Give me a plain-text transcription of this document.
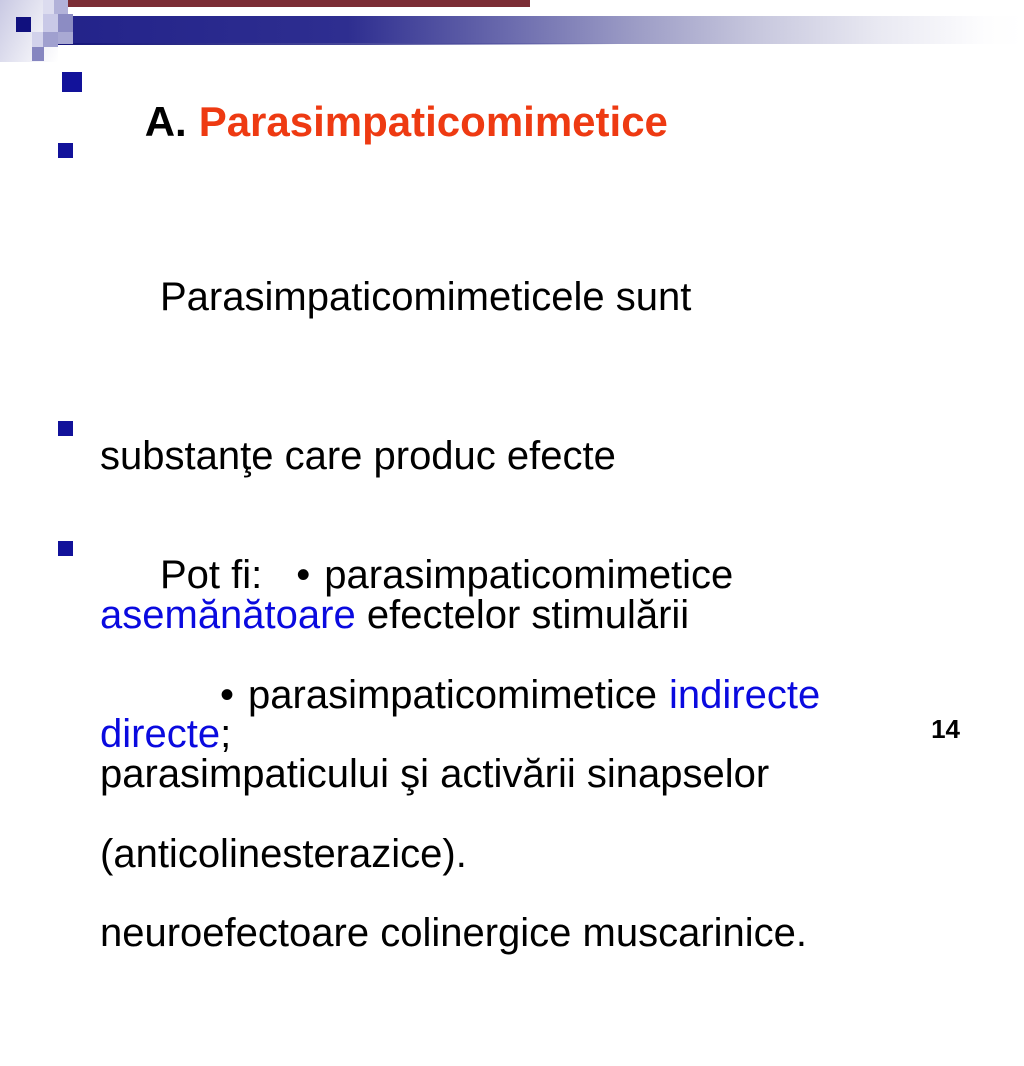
A. Parasimpaticomimetice

Parasimpaticomimeticele sunt

substanţe care produc efecte

asemănătoare efectelor stimulării

parasimpaticului şi activării sinapselor

neuroefectoare colinergice muscarinice.

Pot fi: • parasimpaticomimetice

directe;

• parasimpaticomimetice indirecte

(anticolinesterazice).

14
